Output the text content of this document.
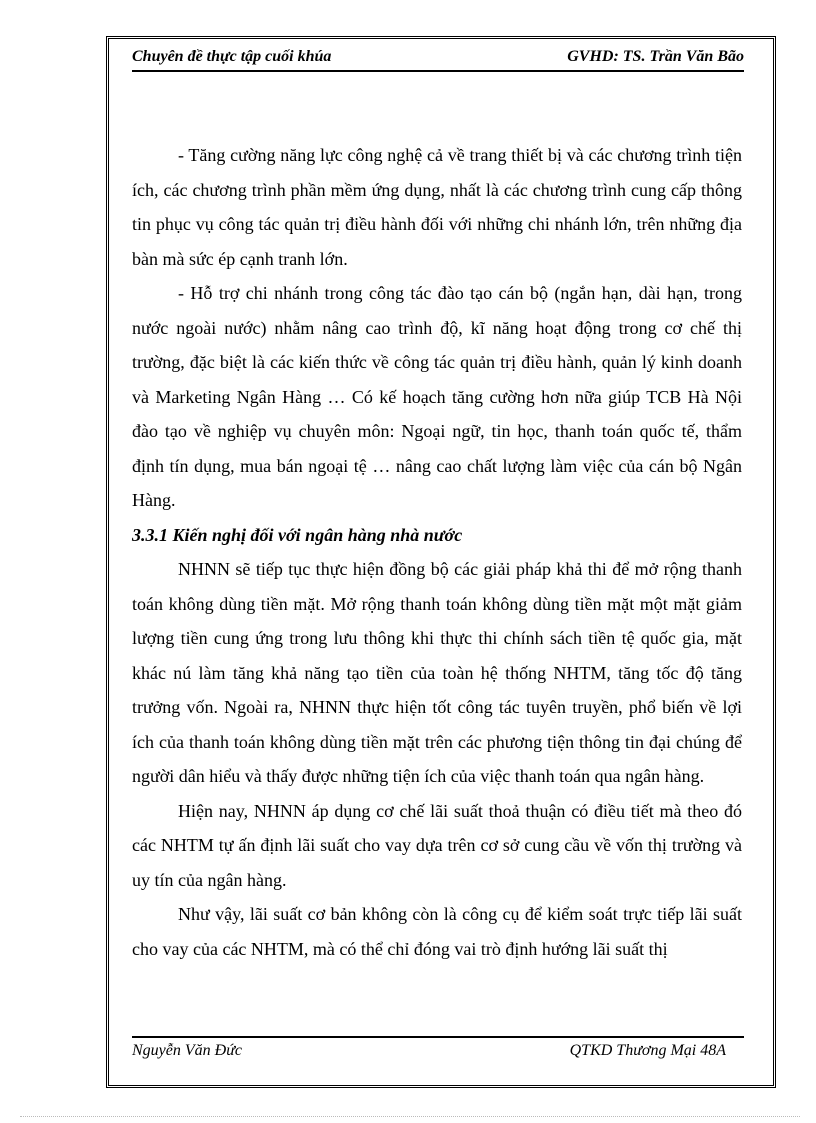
Chuyên đề thực tập cuối khúa	GVHD: TS. Trần Văn Bão

- Tăng cường năng lực công nghệ cả về trang thiết bị và các chương trình tiện ích, các chương trình phần mềm ứng dụng, nhất là các chương trình cung cấp thông tin phục vụ công tác quản trị điều hành đối với những chi nhánh lớn, trên những địa bàn mà sức ép cạnh tranh lớn.

- Hỗ trợ chi nhánh trong công tác đào tạo cán bộ (ngắn hạn, dài hạn, trong nước ngoài nước) nhằm nâng cao trình độ, kĩ năng hoạt động trong cơ chế thị trường, đặc biệt là các kiến thức về công tác quản trị điều hành, quản lý kinh doanh và Marketing Ngân Hàng … Có kế hoạch tăng cường hơn nữa giúp TCB Hà Nội đào tạo về nghiệp vụ chuyên môn: Ngoại ngữ, tin học, thanh toán quốc tế, thẩm định tín dụng, mua bán ngoại tệ … nâng cao chất lượng làm việc của cán bộ Ngân Hàng.

3.3.1 Kiến nghị đối với ngân hàng nhà nước

NHNN sẽ tiếp tục thực hiện đồng bộ các giải pháp khả thi để mở rộng thanh toán không dùng tiền mặt. Mở rộng thanh toán không dùng tiền mặt một mặt giảm lượng tiền cung ứng trong lưu thông khi thực thi chính sách tiền tệ quốc gia, mặt khác nú làm tăng khả năng tạo tiền của toàn hệ thống NHTM, tăng tốc độ tăng trưởng vốn. Ngoài ra, NHNN thực hiện tốt công tác tuyên truyền, phổ biến về lợi ích của thanh toán không dùng tiền mặt trên các phương tiện thông tin đại chúng để người dân hiểu và thấy được những tiện ích của việc thanh toán qua ngân hàng.

Hiện nay, NHNN áp dụng cơ chế lãi suất thoả thuận có điều tiết mà theo đó các NHTM tự ấn định lãi suất cho vay dựa trên cơ sở cung cầu về vốn thị trường và uy tín của ngân hàng.

Như vậy, lãi suất cơ bản không còn là công cụ để kiểm soát trực tiếp lãi suất cho vay của các NHTM, mà có thể chỉ đóng vai trò định hướng lãi suất thị

Nguyễn Văn Đức	QTKD Thương Mại 48A
